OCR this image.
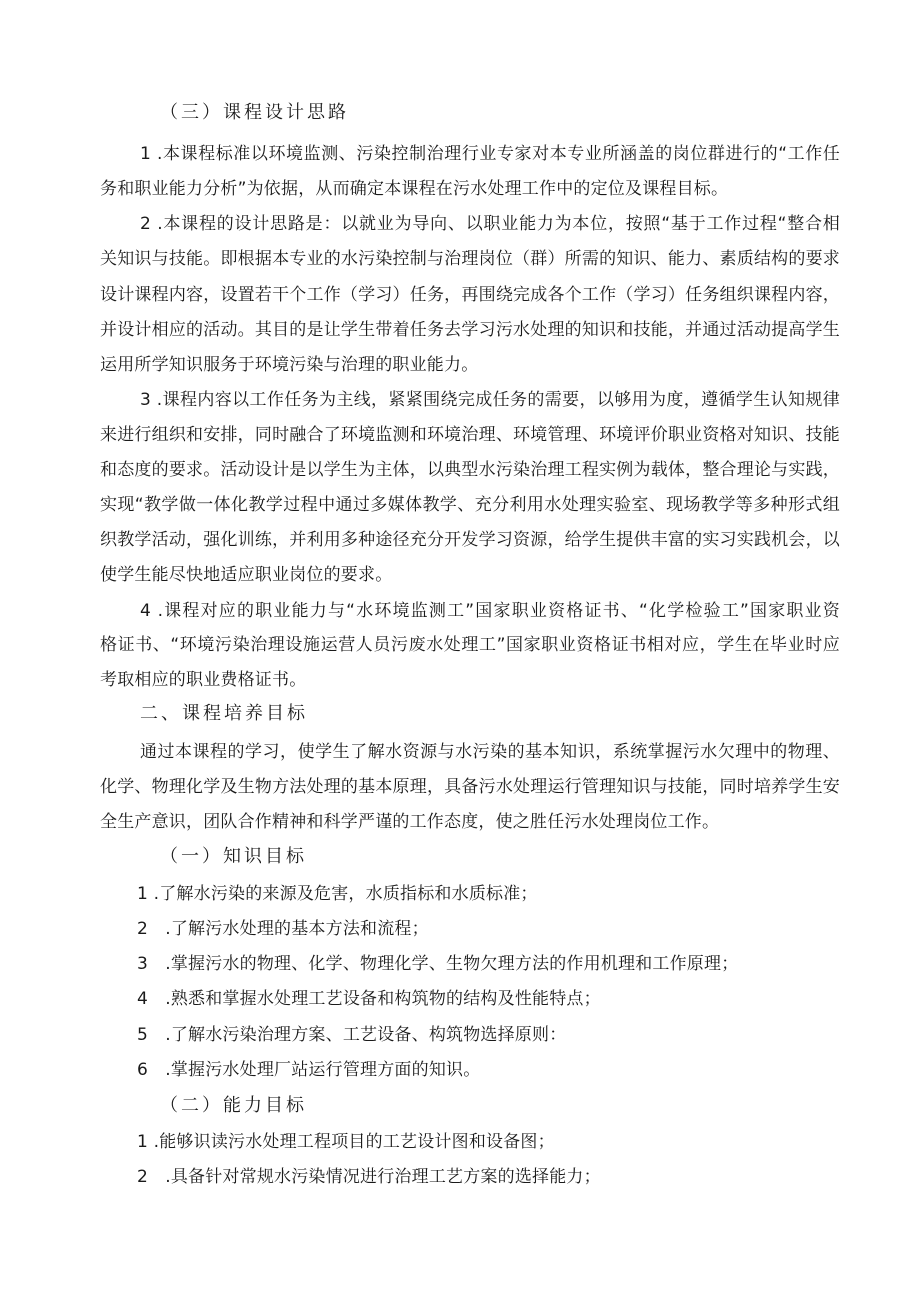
（三）课程设计思路
1 .本课程标准以环境监测、污染控制治理行业专家对本专业所涵盖的岗位群进行的“工作任
务和职业能力分析”为依据，从而确定本课程在污水处理工作中的定位及课程目标。
2 .本课程的设计思路是：以就业为导向、以职业能力为本位，按照“基于工作过程“整合相
关知识与技能。即根据本专业的水污染控制与治理岗位（群）所需的知识、能力、素质结构的要求
设计课程内容，设置若干个工作（学习）任务，再围绕完成各个工作（学习）任务组织课程内容，
并设计相应的活动。其目的是让学生带着任务去学习污水处理的知识和技能，并通过活动提高学生
运用所学知识服务于环境污染与治理的职业能力。
3 .课程内容以工作任务为主线，紧紧围绕完成任务的需要，以够用为度，遵循学生认知规律
来进行组织和安排，同时融合了环境监测和环境治理、环境管理、环境评价职业资格对知识、技能
和态度的要求。活动设计是以学生为主体，以典型水污染治理工程实例为载体，整合理论与实践，
实现“教学做一体化教学过程中通过多媒体教学、充分利用水处理实验室、现场教学等多种形式组
织教学活动，强化训练，并利用多种途径充分开发学习资源，给学生提供丰富的实习实践机会，以
使学生能尽快地适应职业岗位的要求。
4 .课程对应的职业能力与“水环境监测工”国家职业资格证书、“化学检验工”国家职业资
格证书、“环境污染治理设施运营人员污废水处理工”国家职业资格证书相对应，学生在毕业时应
考取相应的职业费格证书。
二、课程培养目标
通过本课程的学习，使学生了解水资源与水污染的基本知识，系统掌握污水欠理中的物理、
化学、物理化学及生物方法处理的基本原理，具备污水处理运行管理知识与技能，同时培养学生安
全生产意识，团队合作精神和科学严谨的工作态度，使之胜任污水处理岗位工作。
（一）知识目标
1 .了解水污染的来源及危害，水质指标和水质标准；
2　.了解污水处理的基本方法和流程；
3　.掌握污水的物理、化学、物理化学、生物欠理方法的作用机理和工作原理；
4　.熟悉和掌握水处理工艺设备和构筑物的结构及性能特点；
5　.了解水污染治理方案、工艺设备、构筑物选择原则：
6　.掌握污水处理厂站运行管理方面的知识。
（二）能力目标
1 .能够识读污水处理工程项目的工艺设计图和设备图；
2　.具备针对常规水污染情况进行治理工艺方案的选择能力；
